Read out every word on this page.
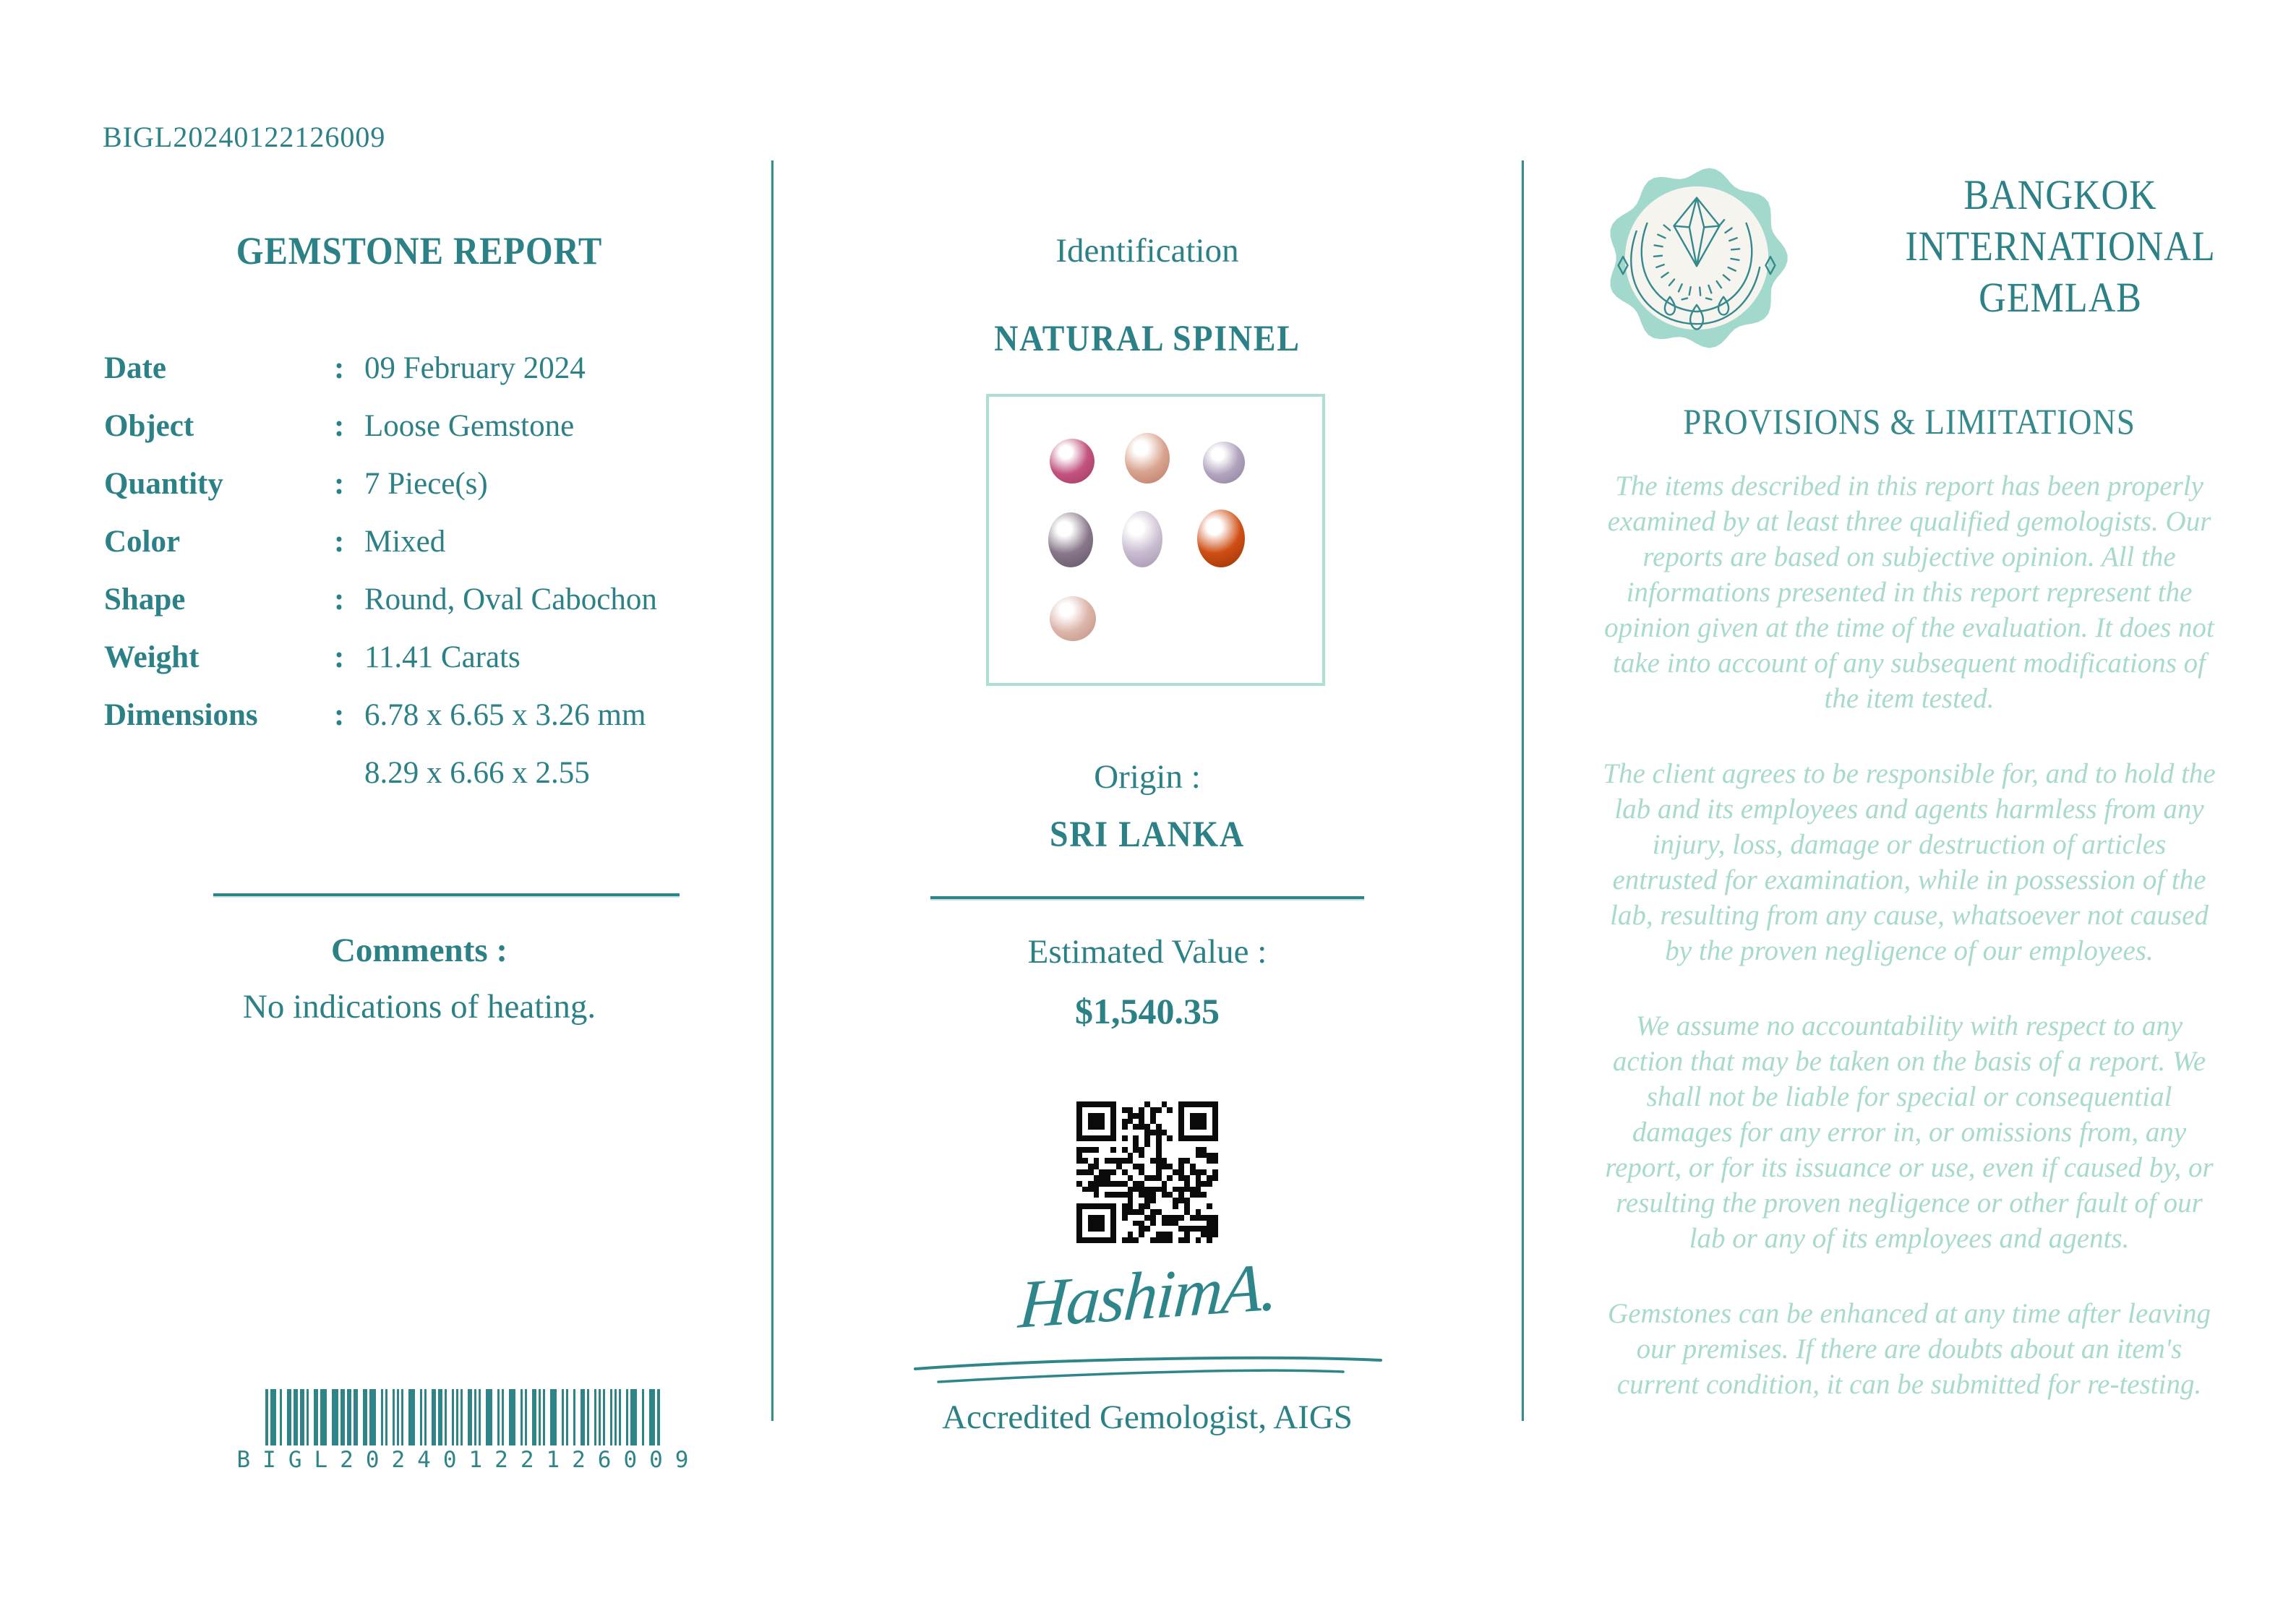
BIGL20240122126009
GEMSTONE REPORT
Date	: 09 February 2024
Object	: Loose Gemstone
Quantity	: 7 Piece(s)
Color	: Mixed
Shape	: Round, Oval Cabochon
Weight	: 11.41 Carats
Dimensions	: 6.78 x 6.65 x 3.26 mm
8.29 x 6.66 x 2.55
Comments :
No indications of heating.
BIGL20240122126009
Identification
NATURAL SPINEL
Origin :
SRI LANKA
Estimated Value :
$1,540.35
HashimA.
Accredited Gemologist, AIGS
BANGKOK
INTERNATIONAL
GEMLAB
PROVISIONS & LIMITATIONS

The items described in this report has been properly examined by at least three qualified gemologists. Our reports are based on subjective opinion. All the informations presented in this report represent the opinion given at the time of the evaluation. It does not take into account of any subsequent modifications of the item tested.

The client agrees to be responsible for, and to hold the lab and its employees and agents harmless from any injury, loss, damage or destruction of articles entrusted for examination, while in possession of the lab, resulting from any cause, whatsoever not caused by the proven negligence of our employees.

We assume no accountability with respect to any action that may be taken on the basis of a report. We shall not be liable for special or consequential damages for any error in, or omissions from, any report, or for its issuance or use, even if caused by, or resulting the proven negligence or other fault of our lab or any of its employees and agents.

Gemstones can be enhanced at any time after leaving our premises. If there are doubts about an item's current condition, it can be submitted for re-testing.
